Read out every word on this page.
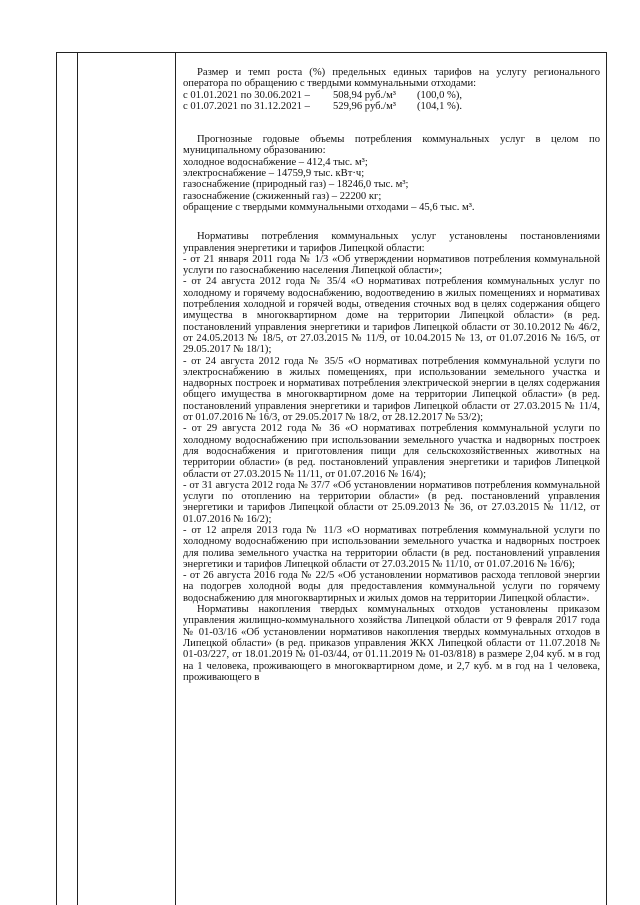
Размер и темп роста (%) предельных единых тарифов на услугу регионального оператора по обращению с твердыми коммунальными отходами:

с 01.01.2021 по 30.06.2021 – 508,94 руб./м³ (100,0 %),

с 01.07.2021 по 31.12.2021 – 529,96 руб./м³ (104,1 %).

Прогнозные годовые объемы потребления коммунальных услуг в целом по муниципальному образованию:

холодное водоснабжение – 412,4 тыс. м³;

электроснабжение – 14759,9 тыс. кВт·ч;

газоснабжение (природный газ) – 18246,0 тыс. м³;

газоснабжение (сжиженный газ) – 22200 кг;

обращение с твердыми коммунальными отходами – 45,6 тыс. м³.

Нормативы потребления коммунальных услуг установлены постановлениями управления энергетики и тарифов Липецкой области:

- от 21 января 2011 года № 1/3 «Об утверждении нормативов потребления коммунальной услуги по газоснабжению населения Липецкой области»;

- от 24 августа 2012 года № 35/4 «О нормативах потребления коммунальных услуг по холодному и горячему водоснабжению, водоотведению в жилых помещениях и нормативах потребления холодной и горячей воды, отведения сточных вод в целях содержания общего имущества в многоквартирном доме на территории Липецкой области» (в ред. постановлений управления энергетики и тарифов Липецкой области от 30.10.2012 № 46/2, от 24.05.2013 № 18/5, от 27.03.2015 № 11/9, от 10.04.2015 № 13, от 01.07.2016 № 16/5, от 29.05.2017 № 18/1);

- от 24 августа 2012 года № 35/5 «О нормативах потребления коммунальной услуги по электроснабжению в жилых помещениях, при использовании земельного участка и надворных построек и нормативах потребления электрической энергии в целях содержания общего имущества в многоквартирном доме на территории Липецкой области» (в ред. постановлений управления энергетики и тарифов Липецкой области от 27.03.2015 № 11/4, от 01.07.2016 № 16/3, от 29.05.2017 № 18/2, от 28.12.2017 № 53/2);

- от 29 августа 2012 года № 36 «О нормативах потребления коммунальной услуги по холодному водоснабжению при использовании земельного участка и надворных построек для водоснабжения и приготовления пищи для сельскохозяйственных животных на территории области» (в ред. постановлений управления энергетики и тарифов Липецкой области от 27.03.2015 № 11/11, от 01.07.2016 № 16/4);

- от 31 августа 2012 года № 37/7 «Об установлении нормативов потребления коммунальной услуги по отоплению на территории области» (в ред. постановлений управления энергетики и тарифов Липецкой области от 25.09.2013 № 36, от 27.03.2015 № 11/12, от 01.07.2016 № 16/2);

- от 12 апреля 2013 года № 11/3 «О нормативах потребления коммунальной услуги по холодному водоснабжению при использовании земельного участка и надворных построек для полива земельного участка на территории области (в ред. постановлений управления энергетики и тарифов Липецкой области от 27.03.2015 № 11/10, от 01.07.2016 № 16/6);

- от 26 августа 2016 года № 22/5 «Об установлении нормативов расхода тепловой энергии на подогрев холодной воды для предоставления коммунальной услуги по горячему водоснабжению для многоквартирных и жилых домов на территории Липецкой области».

Нормативы накопления твердых коммунальных отходов установлены приказом управления жилищно-коммунального хозяйства Липецкой области от 9 февраля 2017 года № 01-03/16 «Об установлении нормативов накопления твердых коммунальных отходов в Липецкой области» (в ред. приказов управления ЖКХ Липецкой области от 11.07.2018 № 01-03/227, от 18.01.2019 № 01-03/44, от 01.11.2019 № 01-03/818) в размере 2,04 куб. м в год на 1 человека, проживающего в многоквартирном доме, и 2,7 куб. м в год на 1 человека, проживающего в
